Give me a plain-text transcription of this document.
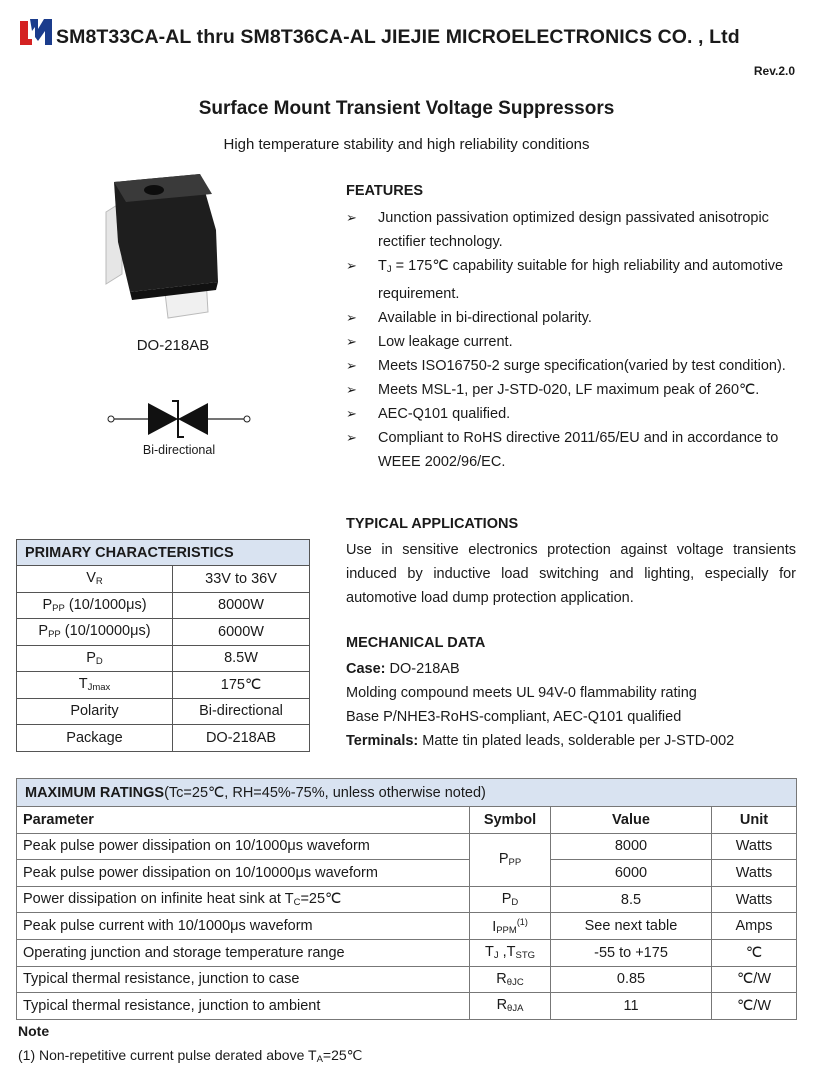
SM8T33CA-AL thru SM8T36CA-AL JIEJIE MICROELECTRONICS CO. , Ltd
Rev.2.0
Surface Mount Transient Voltage Suppressors
High temperature stability and high reliability conditions
DO-218AB
Bi-directional
FEATURES
➢ Junction passivation optimized design passivated anisotropic rectifier technology.
➢ $T_J$ = 175℃ capability suitable for high reliability and automotive requirement.
➢ Available in bi-directional polarity.
➢ Low leakage current.
➢ Meets ISO16750-2 surge specification(varied by test condition).
➢ Meets MSL-1, per J-STD-020, LF maximum peak of 260℃.
➢ AEC-Q101 qualified.
➢ Compliant to RoHS directive 2011/65/EU and in accordance to WEEE 2002/96/EC.
TYPICAL APPLICATIONS
Use in sensitive electronics protection against voltage transients induced by inductive load switching and lighting, especially for automotive load dump protection application.
MECHANICAL DATA
Case: DO-218AB
Molding compound meets UL 94V-0 flammability rating
Base P/NHE3-RoHS-compliant, AEC-Q101 qualified
Terminals: Matte tin plated leads, solderable per J-STD-002
PRIMARY CHARACTERISTICS	
$V_R$	33V to 36V
$P_{PP}$ (10/1000μs)	8000W
$P_{PP}$ (10/10000μs)	6000W
$P_D$	8.5W
$T_{Jmax}$	175℃
Polarity	Bi-directional
Package	DO-218AB
MAXIMUM RATINGS(Tc=25℃, RH=45%-75%, unless otherwise noted)			
Parameter	Symbol	Value	Unit
Peak pulse power dissipation on 10/1000μs waveform	$P_{PP}$	8000	Watts
Peak pulse power dissipation on 10/10000μs waveform		6000	Watts
Power dissipation on infinite heat sink at $T_C=25℃$	$P_D$	8.5	Watts
Peak pulse current with 10/1000μs waveform	$I_{PPM}^{(1)}$	See next table	Amps
Operating junction and storage temperature range	$T_J$ $,T_{STG}$	-55 to +175	℃
Typical thermal resistance, junction to case	$R_{\theta JC}$	0.85	℃/W
Typical thermal resistance, junction to ambient	$R_{\theta JA}$	11	℃/W
Note
(1) Non-repetitive current pulse derated above $T_A=25℃$
